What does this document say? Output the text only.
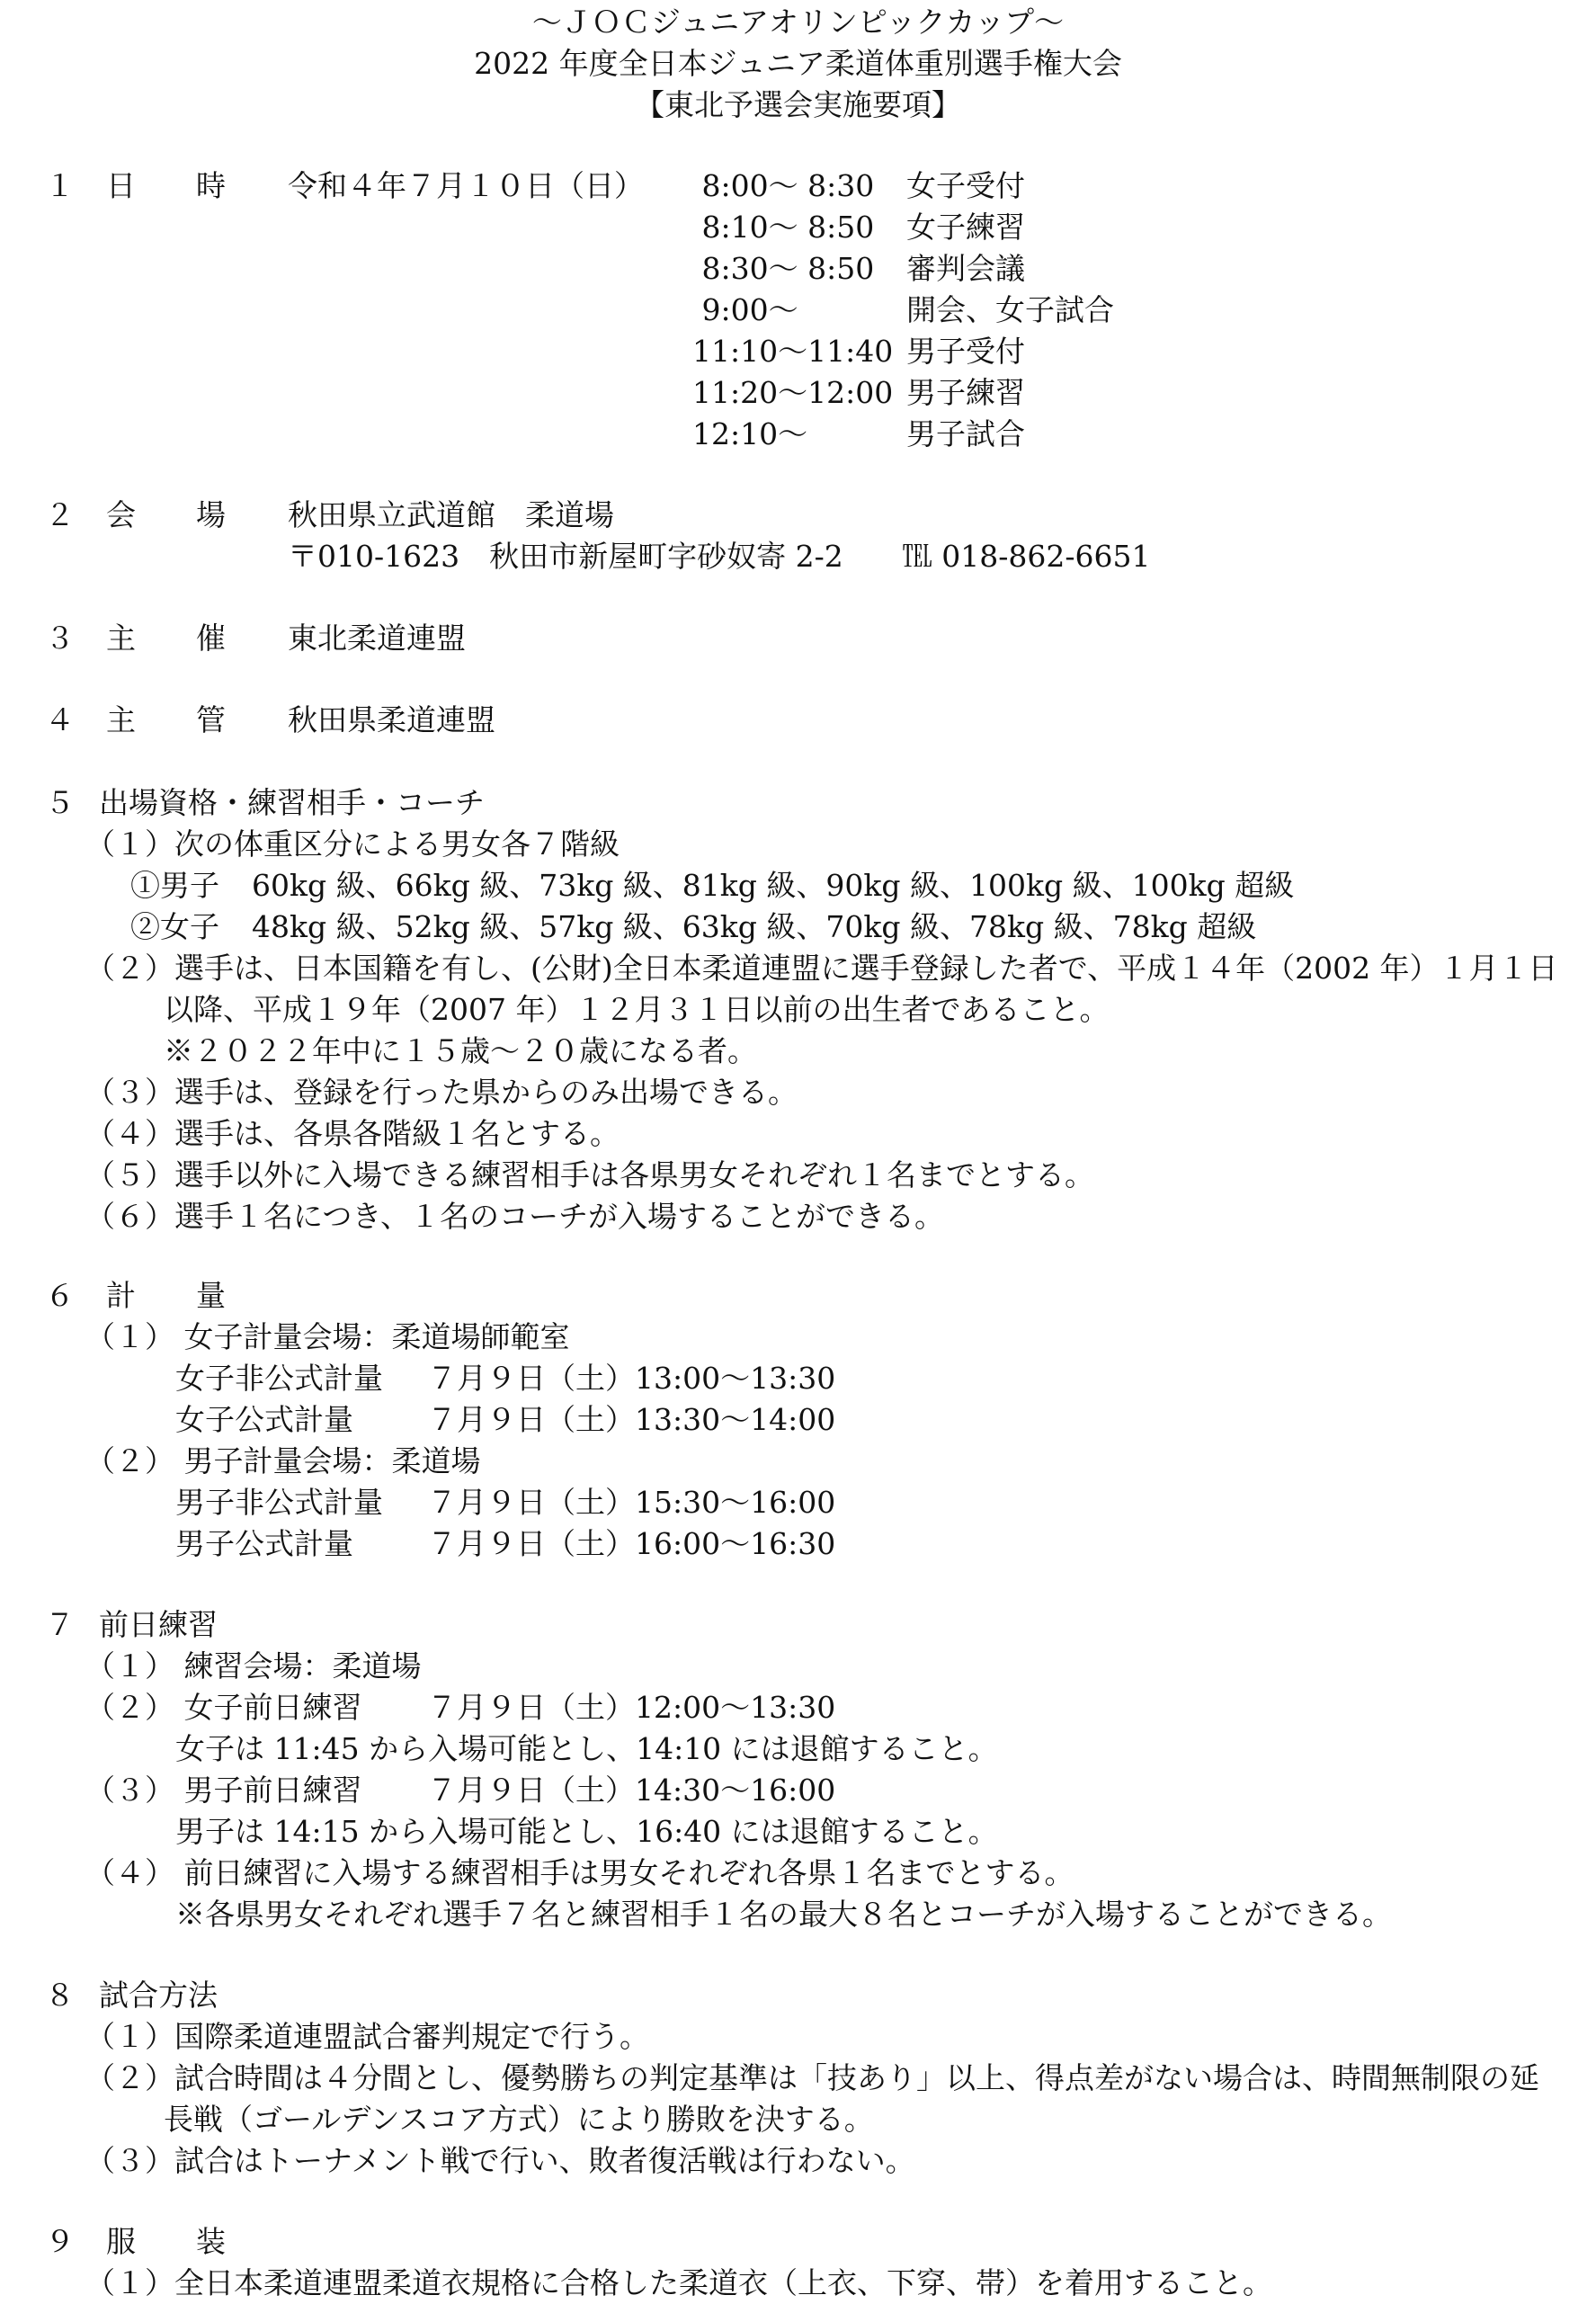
～ＪＯＣジュニアオリンピックカップ～

2022 年度全日本ジュニア柔道体重別選手権大会

【東北予選会実施要項】

１ 日 時 令和４年７月１０日（日） 8:00～ 8:30 女子受付
8:10～ 8:50 女子練習
8:30～ 8:50 審判会議
9:00～	開会、女子試合
11:10～11:40 男子受付
11:20～12:00 男子練習
12:10～	男子試合
２ 会 場 秋田県立武道館　柔道場
〒010-1623　秋田市新屋町字砂奴寄 2-2　　℡ 018-862-6651
３ 主 催 東北柔道連盟
４ 主 管 秋田県柔道連盟
５ 出場資格・練習相手・コーチ
（１）次の体重区分による男女各７階級
①男子 60kg 級、66kg 級、73kg 級、81kg 級、90kg 級、100kg 級、100kg 超級
②女子 48kg 級、52kg 級、57kg 級、63kg 級、70kg 級、78kg 級、78kg 超級
（２）選手は、日本国籍を有し、(公財)全日本柔道連盟に選手登録した者で、平成１４年（2002 年）１月１日
以降、平成１９年（2007 年）１２月３１日以前の出生者であること。
※２０２２年中に１５歳～２０歳になる者。
（３）選手は、登録を行った県からのみ出場できる。
（４）選手は、各県各階級１名とする。
（５）選手以外に入場できる練習相手は各県男女それぞれ１名までとする。
（６）選手１名につき、１名のコーチが入場することができる。
６ 計 量
（１） 女子計量会場：柔道場師範室
女子非公式計量 ７月９日（土）13:00～13:30
女子公式計量 ７月９日（土）13:30～14:00
（２） 男子計量会場：柔道場
男子非公式計量 ７月９日（土）15:30～16:00
男子公式計量 ７月９日（土）16:00～16:30
７ 前日練習
（１） 練習会場：柔道場
（２） 女子前日練習 ７月９日（土）12:00～13:30
女子は 11:45 から入場可能とし、14:10 には退館すること。
（３） 男子前日練習 ７月９日（土）14:30～16:00
男子は 14:15 から入場可能とし、16:40 には退館すること。
（４） 前日練習に入場する練習相手は男女それぞれ各県１名までとする。
※各県男女それぞれ選手７名と練習相手１名の最大８名とコーチが入場することができる。
８ 試合方法
（１）国際柔道連盟試合審判規定で行う。
（２）試合時間は４分間とし、優勢勝ちの判定基準は「技あり」以上、得点差がない場合は、時間無制限の延
長戦（ゴールデンスコア方式）により勝敗を決する。
（３）試合はトーナメント戦で行い、敗者復活戦は行わない。
９ 服 装
（１）全日本柔道連盟柔道衣規格に合格した柔道衣（上衣、下穿、帯）を着用すること。
